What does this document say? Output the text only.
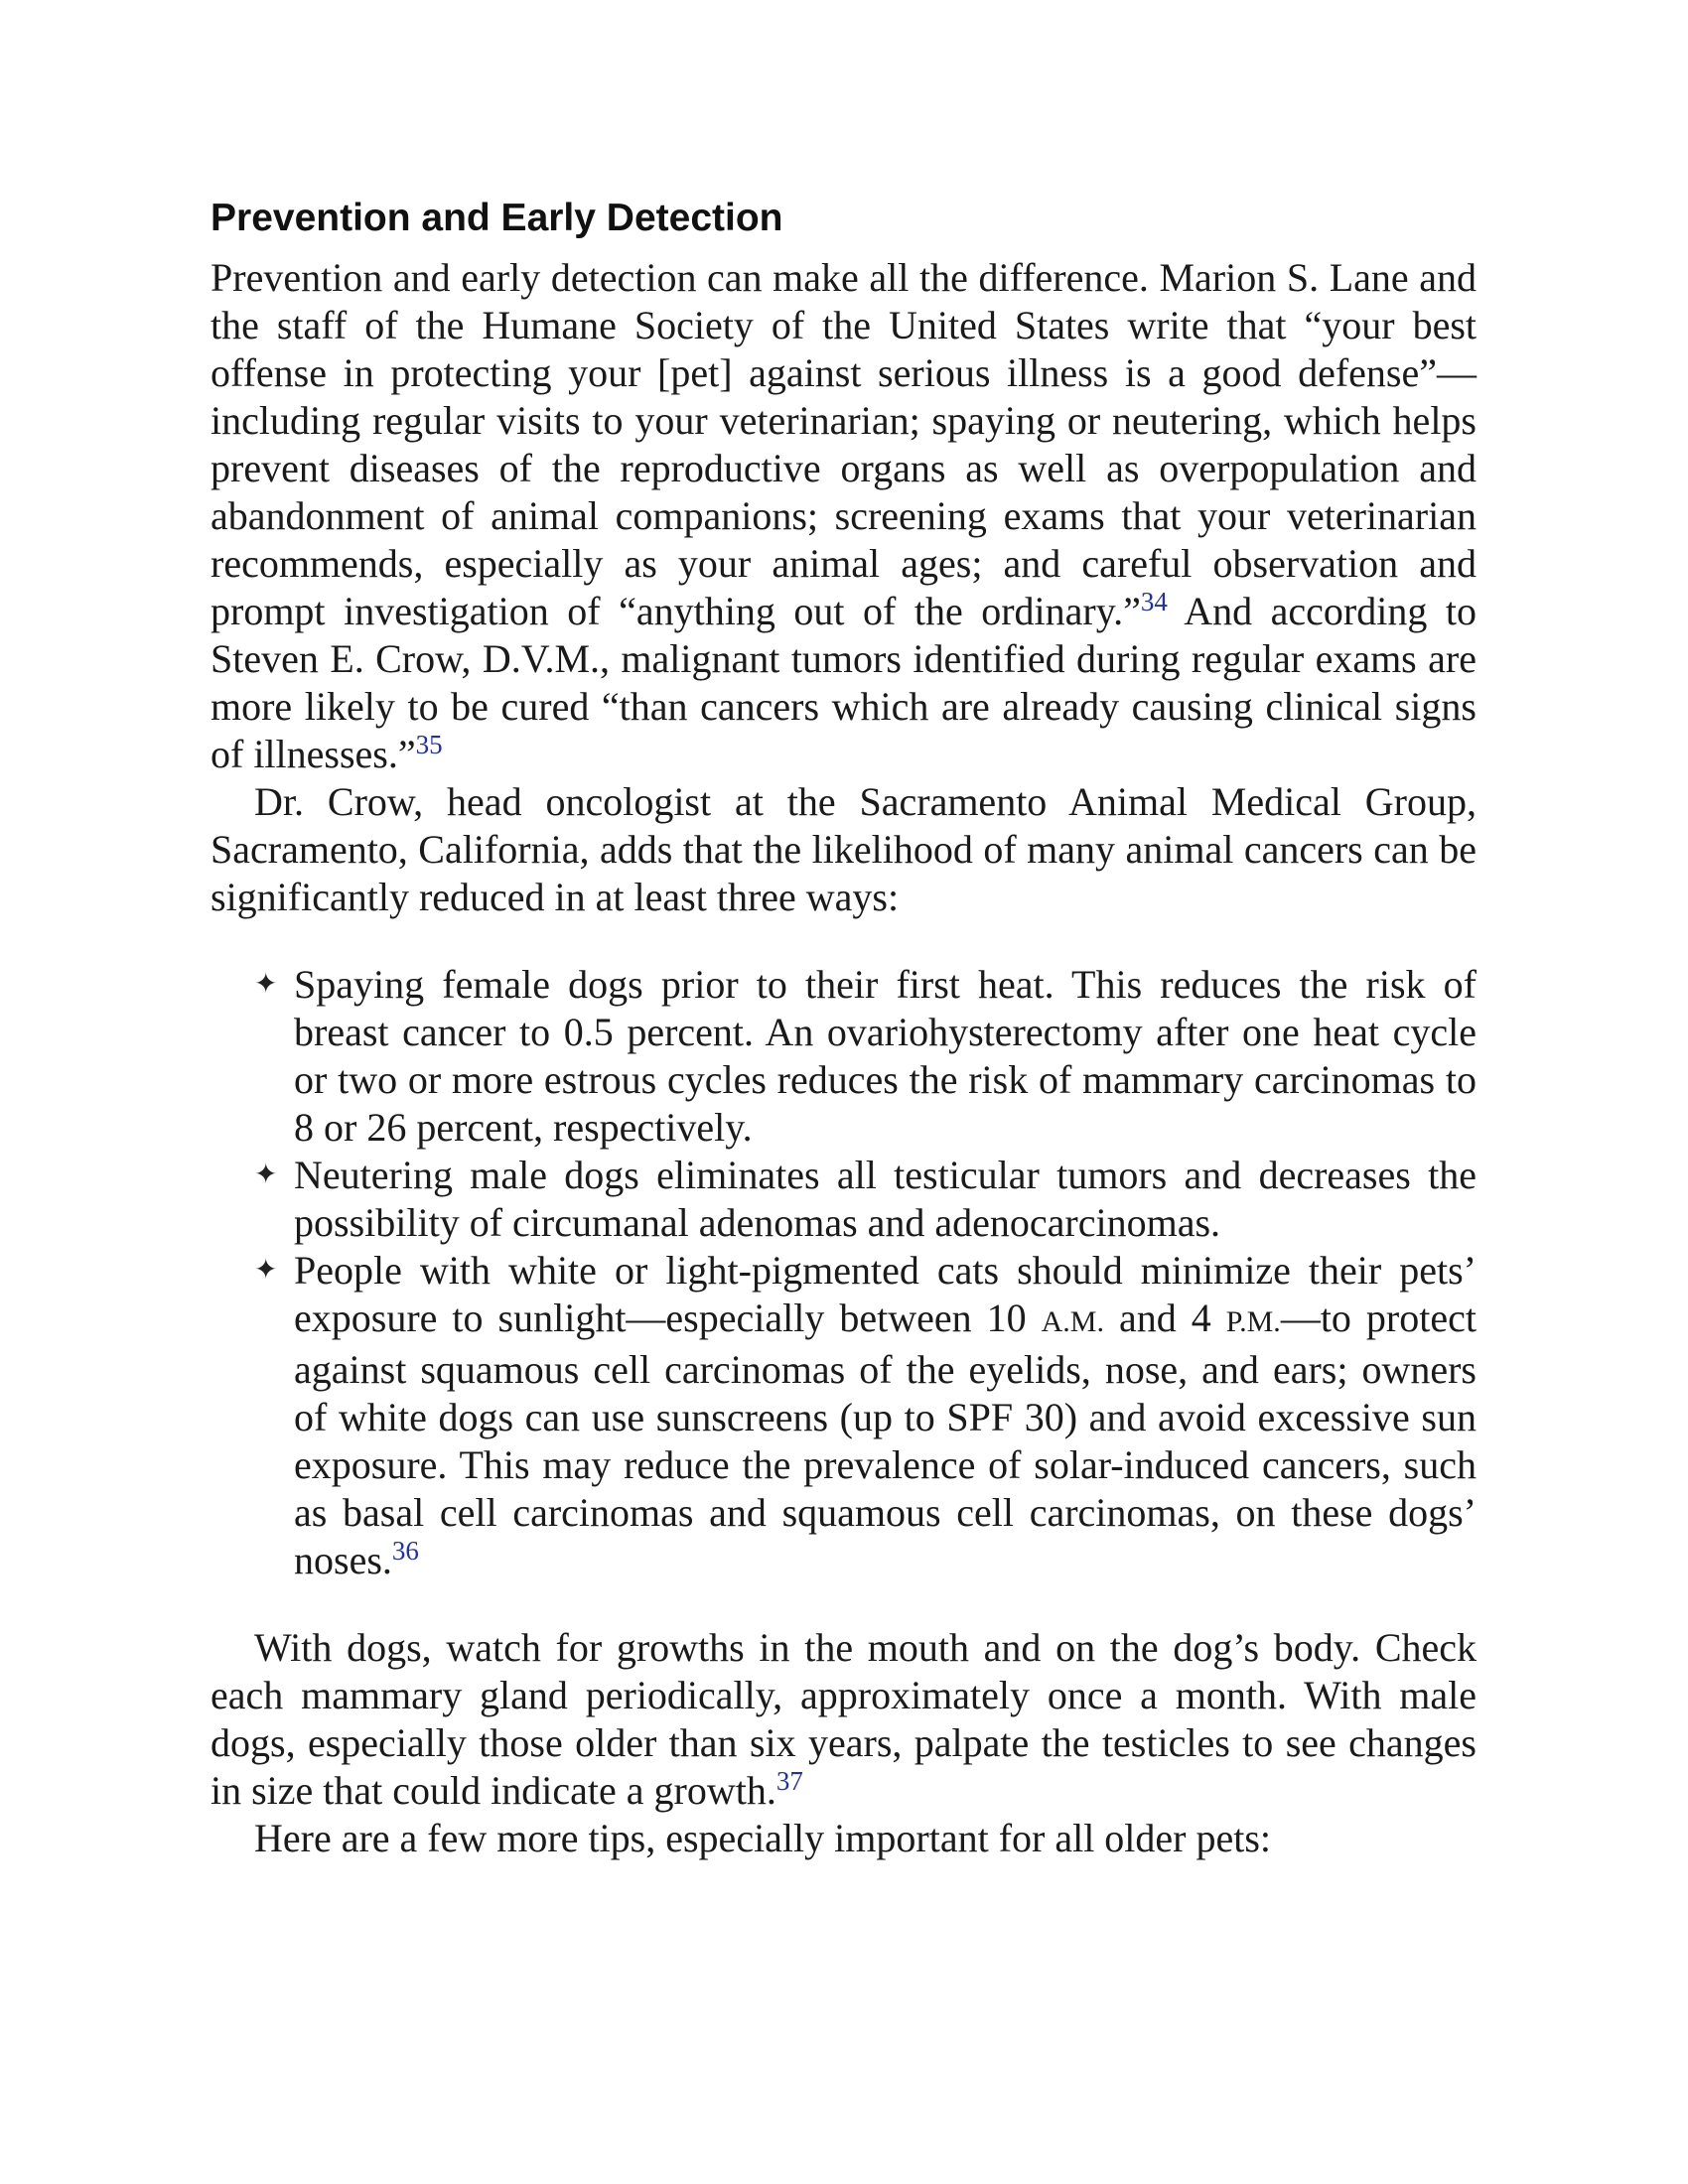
Prevention and Early Detection

Prevention and early detection can make all the difference. Marion S. Lane and the staff of the Humane Society of the United States write that “your best offense in protecting your [pet] against serious illness is a good defense”—including regular visits to your veterinarian; spaying or neutering, which helps prevent diseases of the reproductive organs as well as overpopulation and abandonment of animal companions; screening exams that your veterinarian recommends, especially as your animal ages; and careful observation and prompt investigation of “anything out of the ordinary.”$^{34}$ And according to Steven E. Crow, D.V.M., malignant tumors identified during regular exams are more likely to be cured “than cancers which are already causing clinical signs of illnesses.”$^{35}$

Dr. Crow, head oncologist at the Sacramento Animal Medical Group, Sacramento, California, adds that the likelihood of many animal cancers can be significantly reduced in at least three ways:

✦ Spaying female dogs prior to their first heat. This reduces the risk of breast cancer to 0.5 percent. An ovariohysterectomy after one heat cycle or two or more estrous cycles reduces the risk of mammary carcinomas to 8 or 26 percent, respectively.
✦ Neutering male dogs eliminates all testicular tumors and decreases the possibility of circumanal adenomas and adenocarcinomas.
✦ People with white or light-pigmented cats should minimize their pets’ exposure to sunlight—especially between 10 A.M. and 4 P.M.—to protect against squamous cell carcinomas of the eyelids, nose, and ears; owners of white dogs can use sunscreens (up to SPF 30) and avoid excessive sun exposure. This may reduce the prevalence of solar-induced cancers, such as basal cell carcinomas and squamous cell carcinomas, on these dogs’ noses.$^{36}$

With dogs, watch for growths in the mouth and on the dog’s body. Check each mammary gland periodically, approximately once a month. With male dogs, especially those older than six years, palpate the testicles to see changes in size that could indicate a growth.$^{37}$

Here are a few more tips, especially important for all older pets:
